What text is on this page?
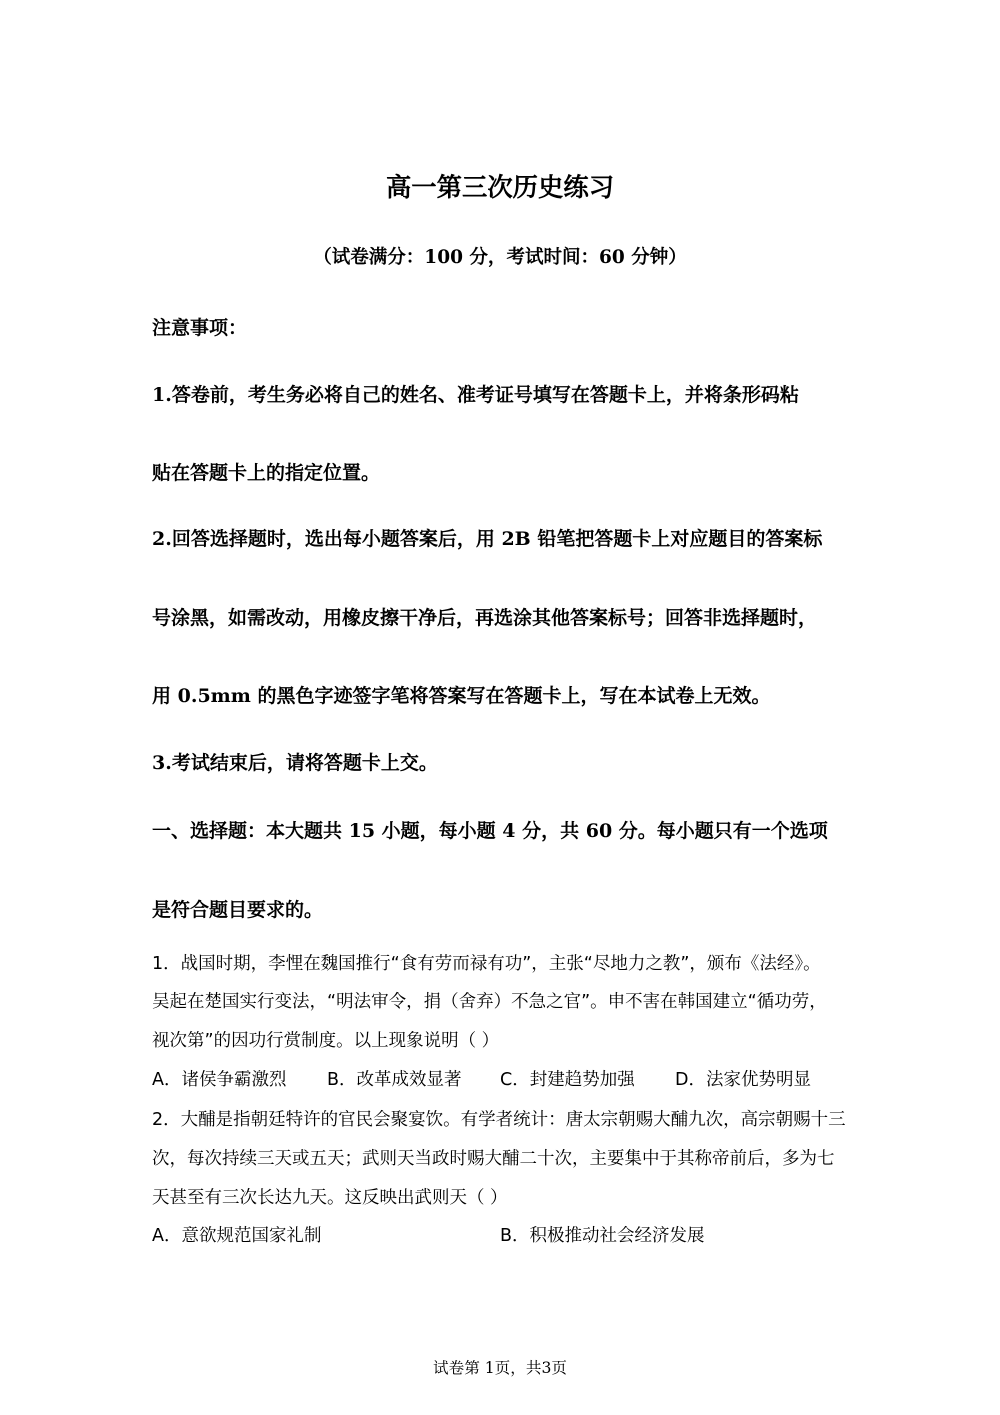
高一第三次历史练习
（试卷满分：100 分，考试时间：60 分钟）
注意事项：
1.答卷前，考生务必将自己的姓名、准考证号填写在答题卡上，并将条形码粘
贴在答题卡上的指定位置。
2.回答选择题时，选出每小题答案后，用 2B 铅笔把答题卡上对应题目的答案标
号涂黑，如需改动，用橡皮擦干净后，再选涂其他答案标号；回答非选择题时，
用 0.5mm 的黑色字迹签字笔将答案写在答题卡上，写在本试卷上无效。
3.考试结束后，请将答题卡上交。
一、选择题：本大题共 15 小题，每小题 4 分，共 60 分。每小题只有一个选项
是符合题目要求的。
1．战国时期，李悝在魏国推行“食有劳而禄有功”，主张“尽地力之教”，颁布《法经》。
吴起在楚国实行变法，“明法审令，捐（舍弃）不急之官”。申不害在韩国建立“循功劳，
视次第”的因功行赏制度。以上现象说明（ ）
A．诸侯争霸激烈 B．改革成效显著 C．封建趋势加强 D．法家优势明显
2．大酺是指朝廷特许的官民会聚宴饮。有学者统计：唐太宗朝赐大酺九次，高宗朝赐十三
次，每次持续三天或五天；武则天当政时赐大酺二十次，主要集中于其称帝前后，多为七
天甚至有三次长达九天。这反映出武则天（ ）
A．意欲规范国家礼制	B．积极推动社会经济发展
试卷第 1页，共3页
